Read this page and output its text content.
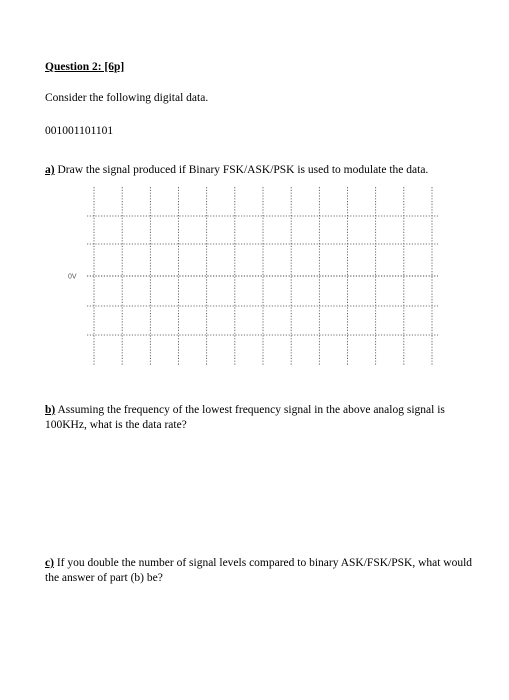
Question 2: [6p]
Consider the following digital data.
001001101101
a) Draw the signal produced if Binary FSK/ASK/PSK is used to modulate the data.
0V
b) Assuming the frequency of the lowest frequency signal in the above analog signal is 100KHz, what is the data rate?
c) If you double the number of signal levels compared to binary ASK/FSK/PSK, what would the answer of part (b) be?
